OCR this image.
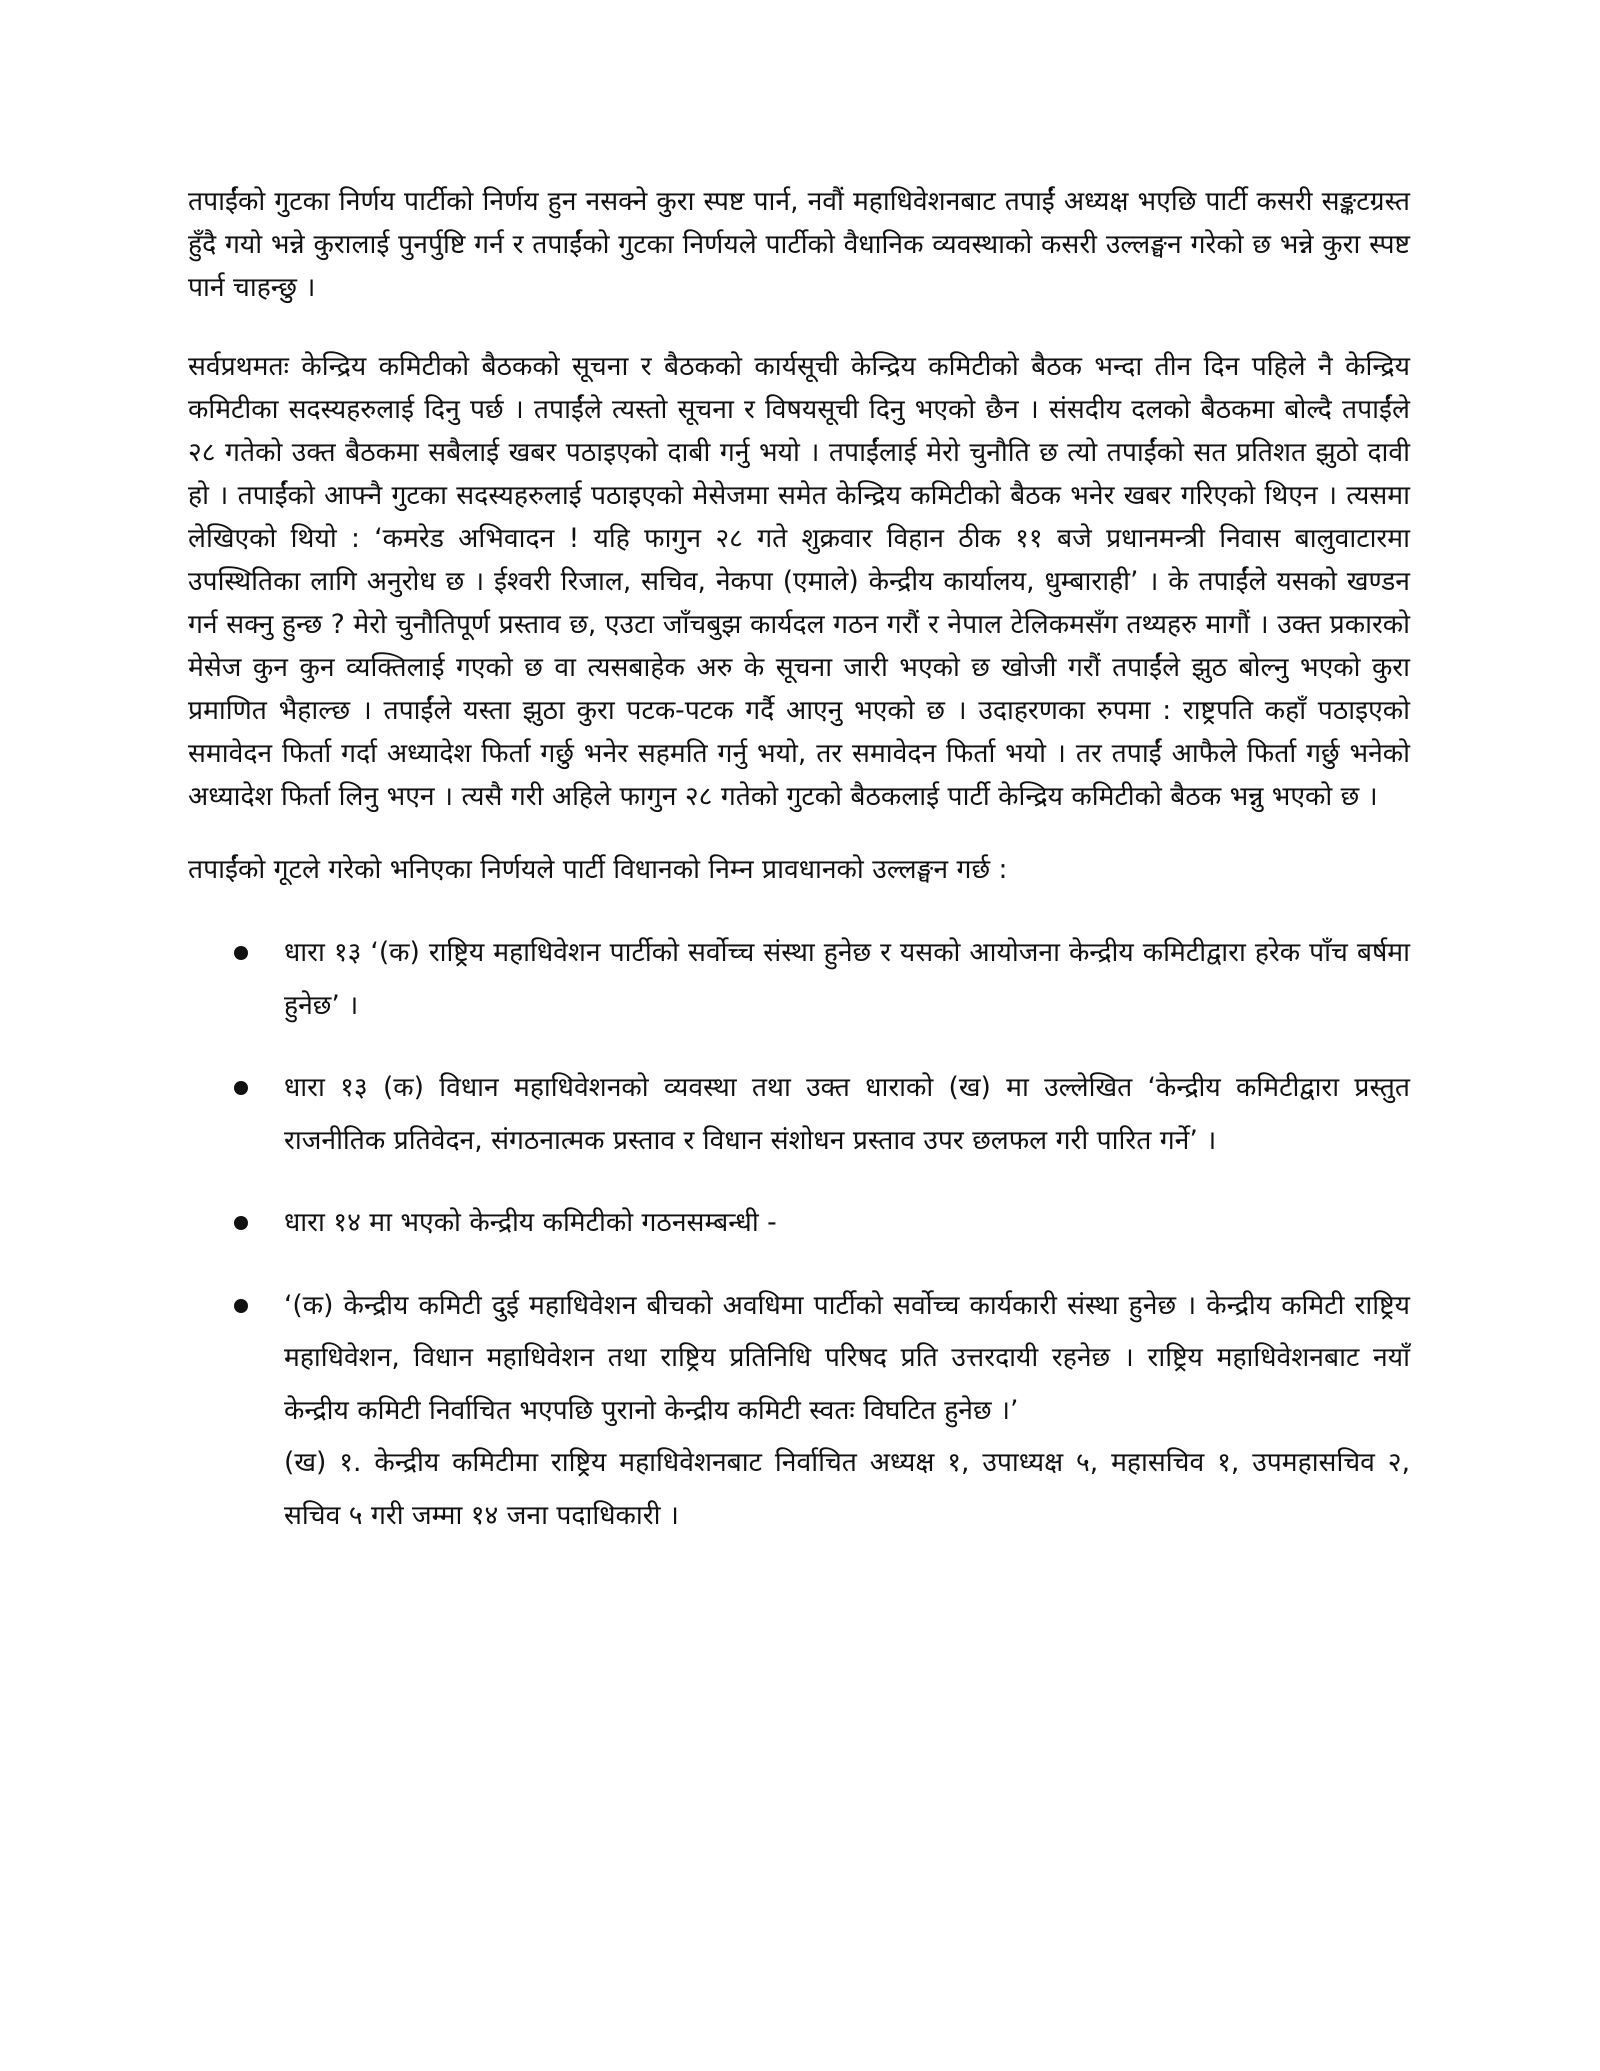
तपाईंको गुटका निर्णय पार्टीको निर्णय हुन नसक्ने कुरा स्पष्ट पार्न, नवौं महाधिवेशनबाट तपाईं अध्यक्ष भएछि पार्टी कसरी सङ्कटग्रस्त हुँदै गयो भन्ने कुरालाई पुनर्पुष्टि गर्न र तपाईंको गुटका निर्णयले पार्टीको वैधानिक व्यवस्थाको कसरी उल्लङ्घन गरेको छ भन्ने कुरा स्पष्ट पार्न चाहन्छु ।

सर्वप्रथमतः केन्द्रिय कमिटीको बैठकको सूचना र बैठकको कार्यसूची केन्द्रिय कमिटीको बैठक भन्दा तीन दिन पहिले नै केन्द्रिय कमिटीका सदस्यहरुलाई दिनु पर्छ । तपाईंले त्यस्तो सूचना र विषयसूची दिनु भएको छैन । संसदीय दलको बैठकमा बोल्दै तपाईंले २८ गतेको उक्त बैठकमा सबैलाई खबर पठाइएको दाबी गर्नु भयो । तपाईंलाई मेरो चुनौति छ त्यो तपाईंको सत प्रतिशत झुठो दावी हो । तपाईंको आफ्नै गुटका सदस्यहरुलाई पठाइएको मेसेजमा समेत केन्द्रिय कमिटीको बैठक भनेर खबर गरिएको थिएन । त्यसमा लेखिएको थियो : ‘कमरेड अभिवादन ! यहि फागुन २८ गते शुक्रवार विहान ठीक ११ बजे प्रधानमन्त्री निवास बालुवाटारमा उपस्थितिका लागि अनुरोध छ । ईश्वरी रिजाल, सचिव, नेकपा (एमाले) केन्द्रीय कार्यालय, धुम्बाराही’ । के तपाईंले यसको खण्डन गर्न सक्नु हुन्छ ? मेरो चुनौतिपूर्ण प्रस्ताव छ, एउटा जाँचबुझ कार्यदल गठन गरौं र नेपाल टेलिकमसँग तथ्यहरु मागौं । उक्त प्रकारको मेसेज कुन कुन व्यक्तिलाई गएको छ वा त्यसबाहेक अरु के सूचना जारी भएको छ खोजी गरौं तपाईंले झुठ बोल्नु भएको कुरा प्रमाणित भैहाल्छ । तपाईंले यस्ता झुठा कुरा पटक-पटक गर्दै आएनु भएको छ । उदाहरणका रुपमा : राष्ट्रपति कहाँ पठाइएको समावेदन फिर्ता गर्दा अध्यादेश फिर्ता गर्छु भनेर सहमति गर्नु भयो, तर समावेदन फिर्ता भयो । तर तपाईं आफैले फिर्ता गर्छु भनेको अध्यादेश फिर्ता लिनु भएन । त्यसै गरी अहिले फागुन २८ गतेको गुटको बैठकलाई पार्टी केन्द्रिय कमिटीको बैठक भन्नु भएको छ ।

तपाईंको गूटले गरेको भनिएका निर्णयले पार्टी विधानको निम्न प्रावधानको उल्लङ्घन गर्छ :

धारा १३ ‘(क) राष्ट्रिय महाधिवेशन पार्टीको सर्वोच्च संस्था हुनेछ र यसको आयोजना केन्द्रीय कमिटीद्वारा हरेक पाँच बर्षमा हुनेछ’ ।
धारा १३ (क) विधान महाधिवेशनको व्यवस्था तथा उक्त धाराको (ख) मा उल्लेखित ‘केन्द्रीय कमिटीद्वारा प्रस्तुत राजनीतिक प्रतिवेदन, संगठनात्मक प्रस्ताव र विधान संशोधन प्रस्ताव उपर छलफल गरी पारित गर्ने’ ।
धारा १४ मा भएको केन्द्रीय कमिटीको गठनसम्बन्धी -
‘(क) केन्द्रीय कमिटी दुई महाधिवेशन बीचको अवधिमा पार्टीको सर्वोच्च कार्यकारी संस्था हुनेछ । केन्द्रीय कमिटी राष्ट्रिय महाधिवेशन, विधान महाधिवेशन तथा राष्ट्रिय प्रतिनिधि परिषद प्रति उत्तरदायी रहनेछ । राष्ट्रिय महाधिवेशनबाट नयाँ केन्द्रीय कमिटी निर्वाचित भएपछि पुरानो केन्द्रीय कमिटी स्वतः विघटित हुनेछ ।’

(ख) १. केन्द्रीय कमिटीमा राष्ट्रिय महाधिवेशनबाट निर्वाचित अध्यक्ष १, उपाध्यक्ष ५, महासचिव १, उपमहासचिव २, सचिव ५ गरी जम्मा १४ जना पदाधिकारी ।
